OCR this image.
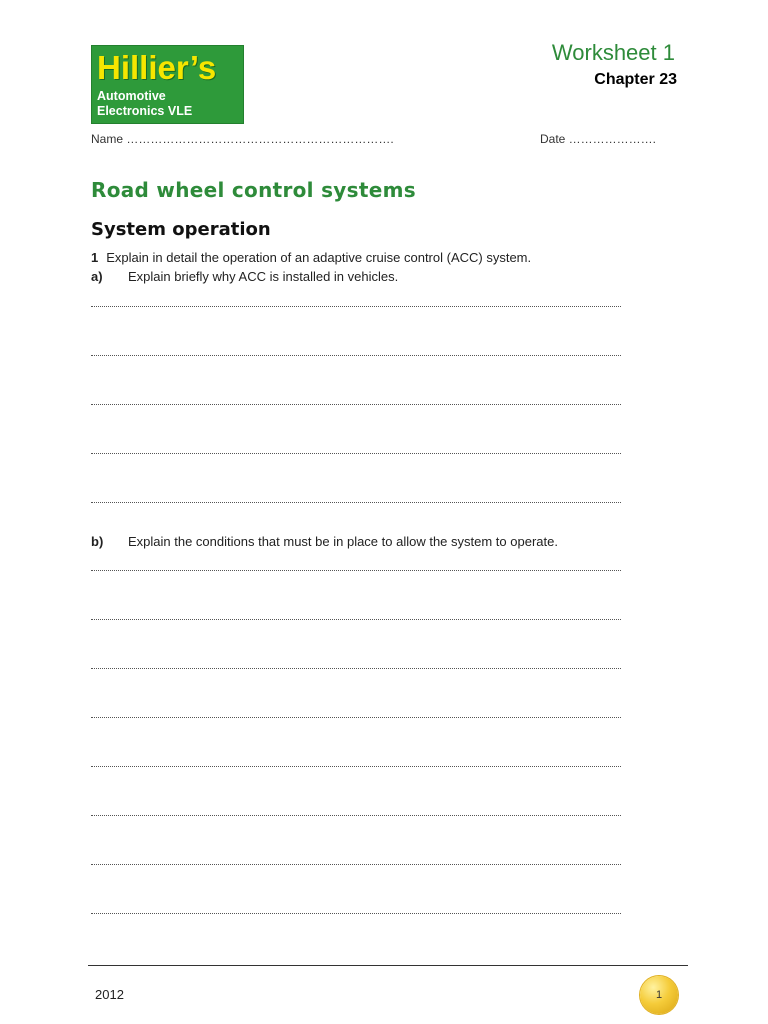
Hillier’s
Automotive
Electronics VLE
Worksheet 1
Chapter 23
Name ………………………………………………………….	Date ………………….
Road wheel control systems
System operation
1 Explain in detail the operation of an adaptive cruise control (ACC) system.
a) Explain briefly why ACC is installed in vehicles.
b) Explain the conditions that must be in place to allow the system to operate.
2012	1
